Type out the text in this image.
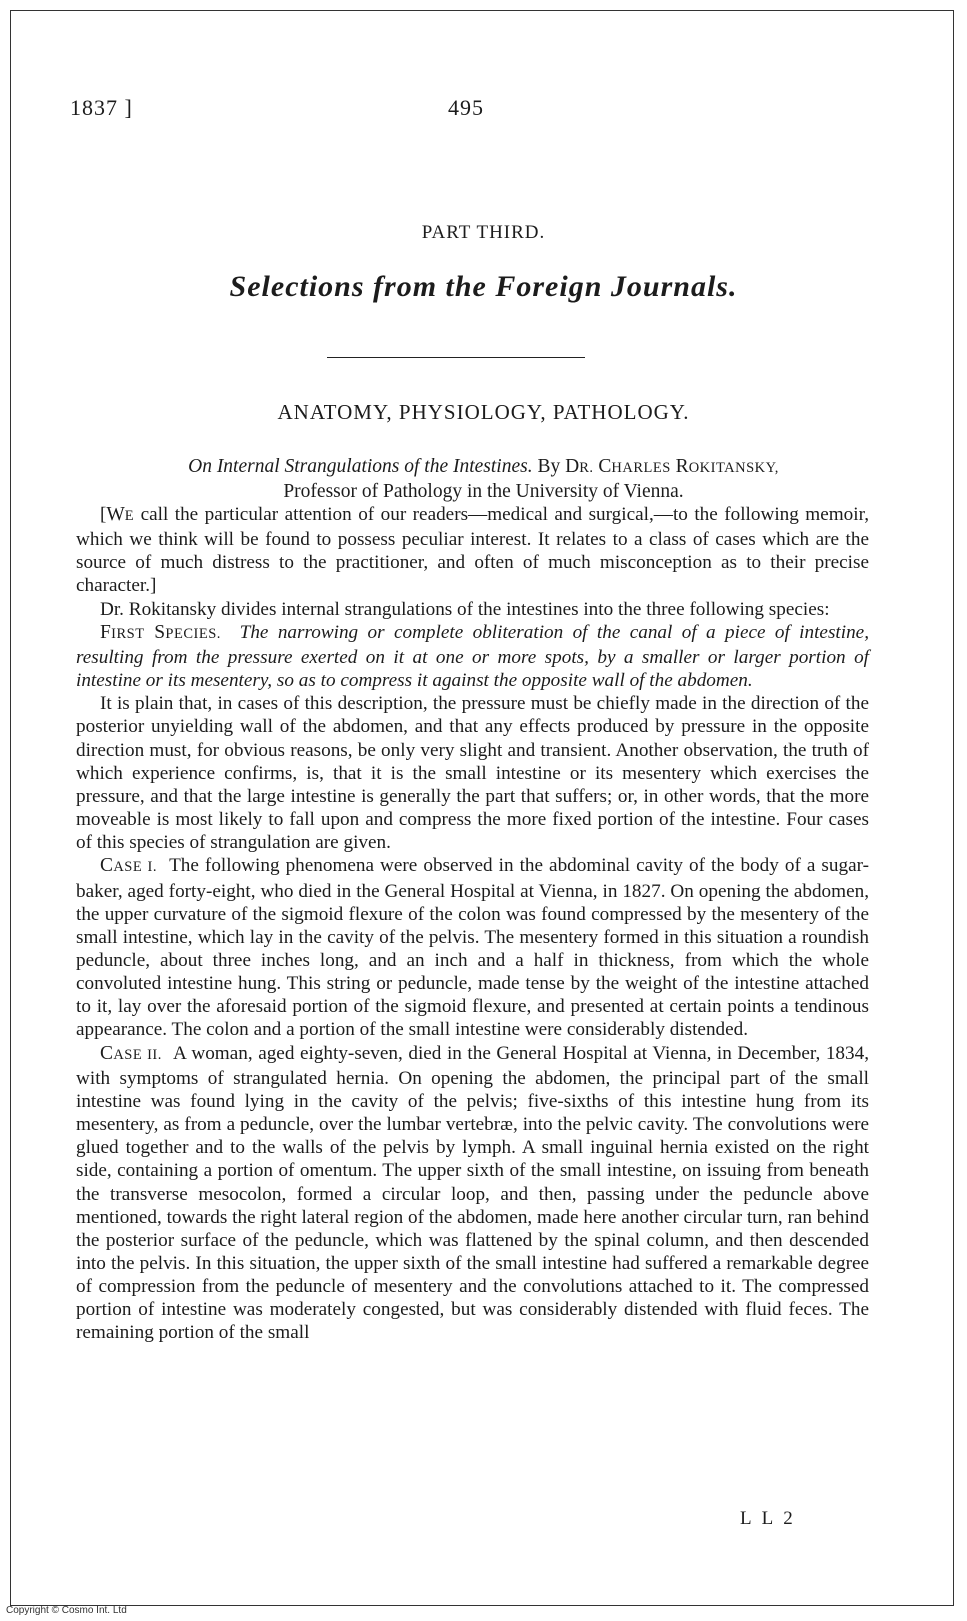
1837 ]	495
PART THIRD.
Selections from the Foreign Journals.
ANATOMY, PHYSIOLOGY, PATHOLOGY.
On Internal Strangulations of the Intestines. By DR. CHARLES ROKITANSKY,
Professor of Pathology in the University of Vienna.

[WE call the particular attention of our readers—medical and surgical,—to the following memoir, which we think will be found to possess peculiar interest. It relates to a class of cases which are the source of much distress to the practitioner, and often of much misconception as to their precise character.]

Dr. Rokitansky divides internal strangulations of the intestines into the three following species:

FIRST SPECIES. The narrowing or complete obliteration of the canal of a piece of intestine, resulting from the pressure exerted on it at one or more spots, by a smaller or larger portion of intestine or its mesentery, so as to compress it against the opposite wall of the abdomen.

It is plain that, in cases of this description, the pressure must be chiefly made in the direction of the posterior unyielding wall of the abdomen, and that any effects produced by pressure in the opposite direction must, for obvious reasons, be only very slight and transient. Another observation, the truth of which experience confirms, is, that it is the small intestine or its mesentery which exercises the pressure, and that the large intestine is generally the part that suffers; or, in other words, that the more moveable is most likely to fall upon and compress the more fixed portion of the intestine. Four cases of this species of strangulation are given.

CASE I. The following phenomena were observed in the abdominal cavity of the body of a sugar-baker, aged forty-eight, who died in the General Hospital at Vienna, in 1827. On opening the abdomen, the upper curvature of the sigmoid flexure of the colon was found compressed by the mesentery of the small intestine, which lay in the cavity of the pelvis. The mesentery formed in this situation a roundish peduncle, about three inches long, and an inch and a half in thickness, from which the whole convoluted intestine hung. This string or peduncle, made tense by the weight of the intestine attached to it, lay over the aforesaid portion of the sigmoid flexure, and presented at certain points a tendinous appearance. The colon and a portion of the small intestine were considerably distended.

CASE II. A woman, aged eighty-seven, died in the General Hospital at Vienna, in December, 1834, with symptoms of strangulated hernia. On opening the abdomen, the principal part of the small intestine was found lying in the cavity of the pelvis; five-sixths of this intestine hung from its mesentery, as from a peduncle, over the lumbar vertebræ, into the pelvic cavity. The convolutions were glued together and to the walls of the pelvis by lymph. A small inguinal hernia existed on the right side, containing a portion of omentum. The upper sixth of the small intestine, on issuing from beneath the transverse mesocolon, formed a circular loop, and then, passing under the peduncle above mentioned, towards the right lateral region of the abdomen, made here another circular turn, ran behind the posterior surface of the peduncle, which was flattened by the spinal column, and then descended into the pelvis. In this situation, the upper sixth of the small intestine had suffered a remarkable degree of compression from the peduncle of mesentery and the convolutions attached to it. The compressed portion of intestine was moderately congested, but was considerably distended with fluid feces. The remaining portion of the small

L L 2
Copyright © Cosmo Int. Ltd
